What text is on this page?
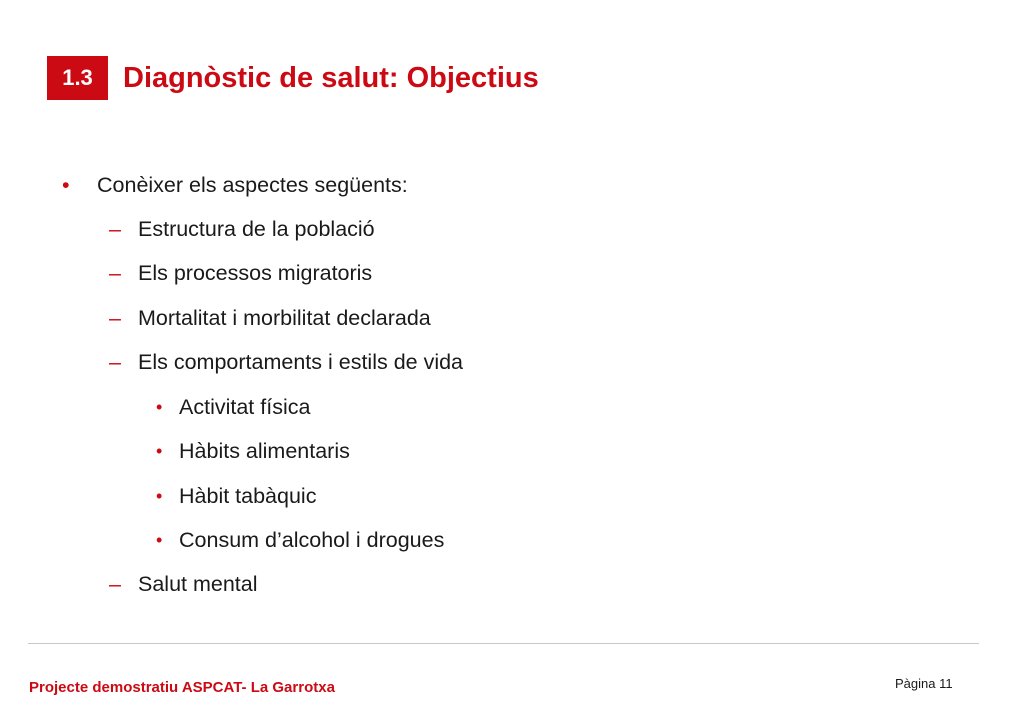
1.3	Diagnòstic de salut: Objectius
• Conèixer els aspectes següents:
– Estructura de la població
– Els processos migratoris
– Mortalitat i morbilitat declarada
– Els comportaments i estils de vida
• Activitat física
• Hàbits alimentaris
• Hàbit tabàquic
• Consum d’alcohol i drogues
– Salut mental
Projecte demostratiu ASPCAT- La Garrotxa	Pàgina 11
